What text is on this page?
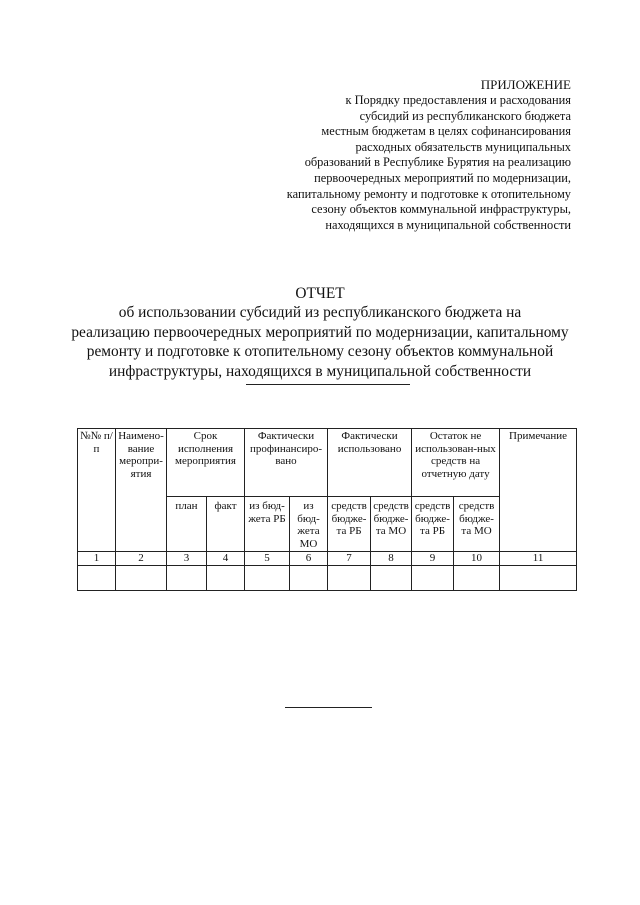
ПРИЛОЖЕНИЕ
к Порядку предоставления и расходования
субсидий из республиканского бюджета
местным бюджетам в целях софинансирования
расходных обязательств муниципальных
образований в Республике Бурятия на реализацию
первоочередных мероприятий по модернизации,
капитальному ремонту и подготовке к отопительному
сезону объектов коммунальной инфраструктуры,
находящихся в муниципальной собственности
ОТЧЕТ
об использовании субсидий из республиканского бюджета на
реализацию первоочередных мероприятий по модернизации, капитальному
ремонту и подготовке к отопительному сезону объектов коммунальной
инфраструктуры, находящихся в муниципальной собственности
№№ п/п	Наимено-вание меропри-ятия	Срок исполнения мероприятия		Фактически профинансиро-вано		Фактически использовано		Остаток не использован-ных средств на отчетную дату		Примечание
		план	факт	из бюд-жета РБ	из бюд-жета МО	средств бюдже-та РБ	средств бюдже-та МО	средств бюдже-та РБ	средств бюдже-та МО	
1	2	3	4	5	6	7	8	9	10	11
